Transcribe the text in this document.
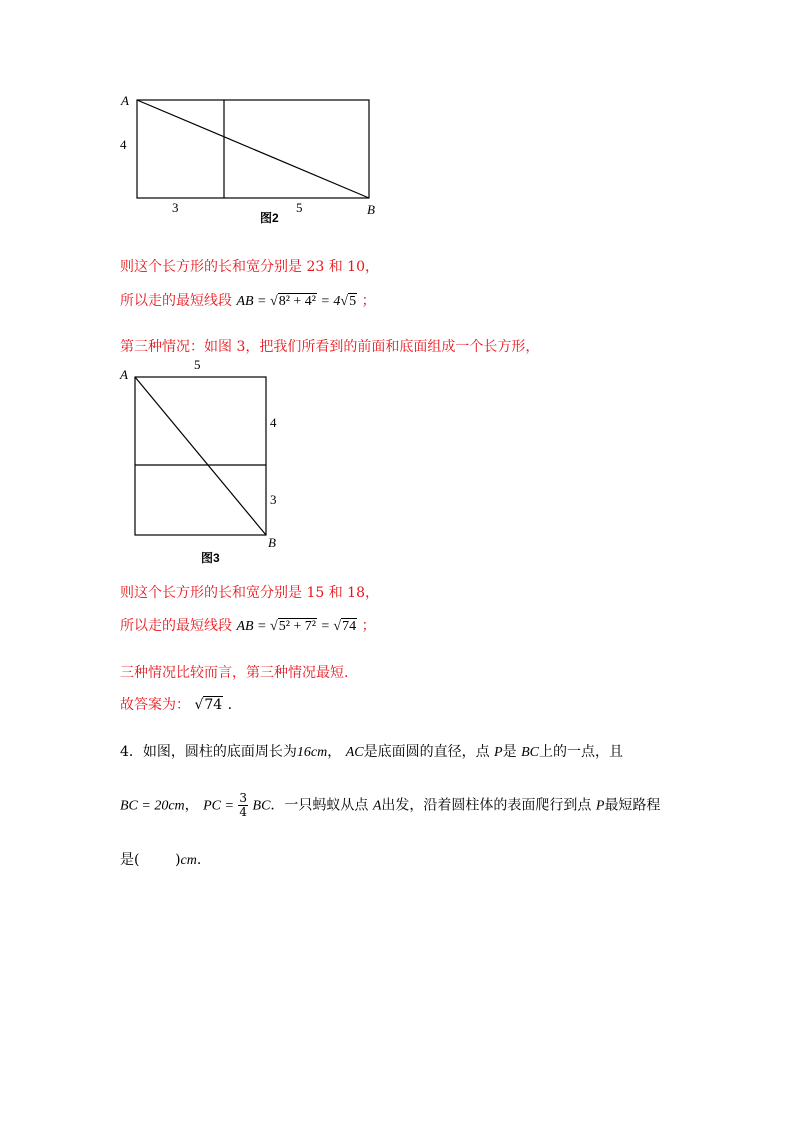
A
4
3	5	B
图2
则这个长方形的长和宽分别是 23 和 10，
所以走的最短线段 AB = √8² + 4² = 4√5 ；
第三种情况：如图 3，把我们所看到的前面和底面组成一个长方形，
A
5
4
3
B
图3
则这个长方形的长和宽分别是 15 和 18，
所以走的最短线段 AB = √5² + 7² = √74 ；
三种情况比较而言，第三种情况最短.
故答案为： √74 .
4．如图，圆柱的底面周长为16cm， AC是底面圆的直径，点 P是 BC上的一点，且
BC = 20cm， PC = $\frac{3}{4}$ BC．一只蚂蚁从点 A出发，沿着圆柱体的表面爬行到点 P最短路程
是(        )cm.
